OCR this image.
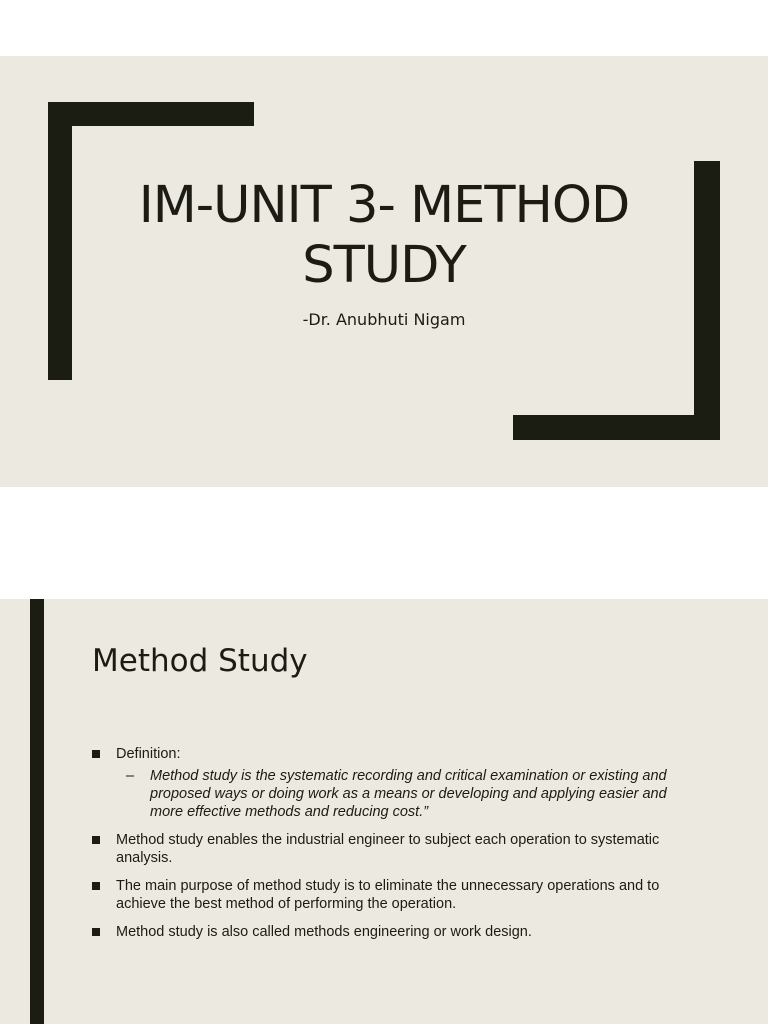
IM-UNIT 3- METHOD STUDY
-Dr. Anubhuti Nigam
Method Study
Definition:
– Method study is the systematic recording and critical examination or existing and proposed ways or doing work as a means or developing and applying easier and more effective methods and reducing cost.”
Method study enables the industrial engineer to subject each operation to systematic analysis.
The main purpose of method study is to eliminate the unnecessary operations and to achieve the best method of performing the operation.
Method study is also called methods engineering or work design.
